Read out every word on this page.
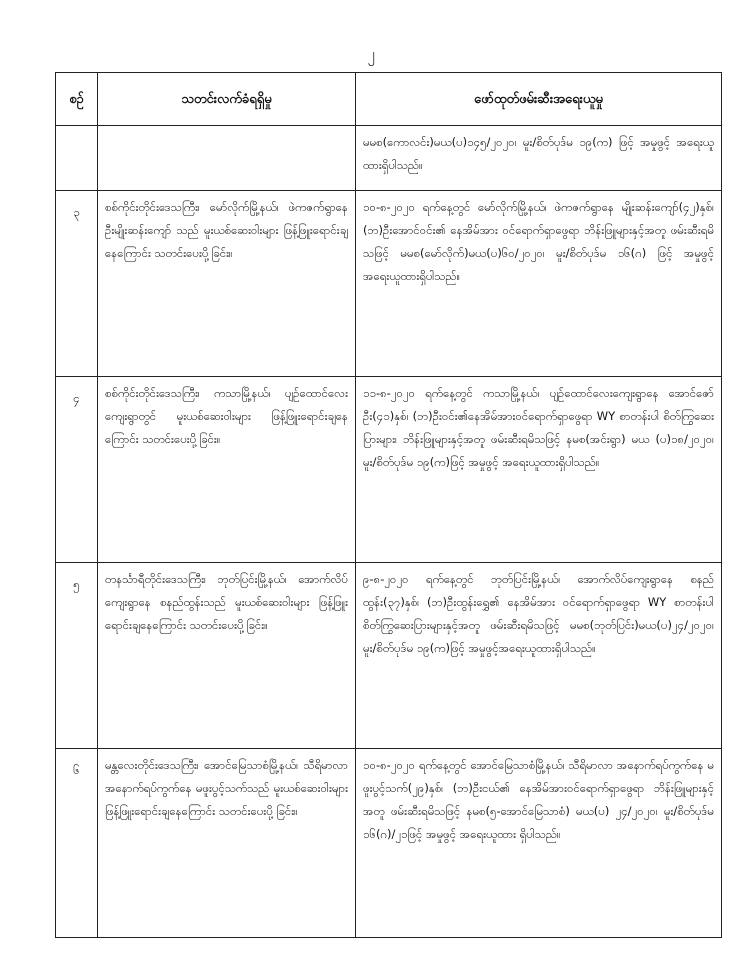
၂
စဉ်	သတင်းလက်ခံရရှိမှု	ဖော်ထုတ်ဖမ်းဆီးအရေးယူမှု
		မမစ(ကောလင်း)မယ(ပ)၁၄၅/၂၀၂၀၊ မူး/စိတ်ပုဒ်မ ၁၉(က) ဖြင့် အမှုဖွင့် အရေးယူထားရှိပါသည်။
၃	စစ်ကိုင်းတိုင်းဒေသကြီး၊ မော်လိုက်မြို့နယ်၊ ဖဲကဇက်ရွာနေ ဦးမျိုးဆန်းကျော် သည် မူးယစ်ဆေးဝါးများ ဖြန့်ဖြူးရောင်းချနေကြောင်း သတင်းပေးပို့ခြင်း။	၁၀-၈-၂၀၂၀ ရက်နေ့တွင် မော်လိုက်မြို့နယ်၊ ဖဲကဇက်ရွာနေ မျိုးဆန်းကျော်(၄၂)နှစ်၊ (ဘ)ဦးအောင်ဝင်း၏ နေအိမ်အား ဝင်ရောက်ရှာဖွေရာ ဘိန်းဖြူများနှင့်အတူ ဖမ်းဆီးရမိသဖြင့် မမစ(မော်လိုက်)မယ(ပ)၆၀/၂၀၂၀၊ မူး/စိတ်ပုဒ်မ ၁၆(ဂ) ဖြင့် အမှုဖွင့် အရေးယူထားရှိပါသည်။
၄	စစ်ကိုင်းတိုင်းဒေသကြီး၊ ကသာမြို့နယ်၊ ပျဉ်ထောင်လေးကျေးရွာတွင် မူးယစ်ဆေးဝါးများ ဖြန့်ဖြူးရောင်းချနေကြောင်း သတင်းပေးပို့ခြင်း။	၁၁-၈-၂၀၂၀ ရက်နေ့တွင် ကသာမြို့နယ်၊ ပျဉ်ထောင်လေးကျေးရွာနေ အောင်ဇော်ဦး(၄၁)နှစ်၊ (ဘ)ဦးဝင်း၏နေအိမ်အားဝင်ရောက်ရှာဖွေရာ WY စာတန်းပါ စိတ်ကြွဆေးပြားများ၊ ဘိန်းဖြူများနှင့်အတူ ဖမ်းဆီးရမိသဖြင့် နမစ(အင်းရွာ) မယ (ပ)၁၈/၂၀၂၀၊ မူး/စိတ်ပုဒ်မ ၁၉(က)ဖြင့် အမှုဖွင့် အရေးယူထားရှိပါသည်။
၅	တနင်္သာရီတိုင်းဒေသကြီး၊ ဘုတ်ပြင်းမြို့နယ်၊ အောက်လိပ်ကျေးရွာနေ စနည်ထွန်းသည် မူးယစ်ဆေးဝါးများ ဖြန့်ဖြူးရောင်းချနေကြောင်း သတင်းပေးပို့ခြင်း။	၉-၈-၂၀၂၀ ရက်နေ့တွင် ဘုတ်ပြင်းမြို့နယ်၊ အောက်လိပ်ကျေးရွာနေ စနည်ထွန်း(၃၇)နှစ်၊ (ဘ)ဦးထွန်းရွှေ၏ နေအိမ်အား ဝင်ရောက်ရှာဖွေရာ WY စာတန်းပါစိတ်ကြွဆေးပြားများနှင့်အတူ ဖမ်းဆီးရမိသဖြင့် မမစ(ဘုတ်ပြင်း)မယ(ပ)၂၄/၂၀၂၀၊ မူး/စိတ်ပုဒ်မ ၁၉(က)ဖြင့် အမှုဖွင့်အရေးယူထားရှိပါသည်။
၆	မန္တလေးတိုင်းဒေသကြီး၊ အောင်မြေသာစံမြို့နယ်၊ သီရိမာလာအနောက်ရပ်ကွက်နေ မဖူးပွင့်သက်သည် မူးယစ်ဆေးဝါးများဖြန့်ဖြူးရောင်းချနေကြောင်း သတင်းပေးပို့ ခြင်း။	၁၀-၈-၂၀၂၀ ရက်နေ့တွင် အောင်မြေသာစံမြို့နယ်၊ သီရိမာလာ အနောက်ရပ်ကွက်နေ မဖူးပွင့်သက်(၂၉)နှစ်၊ (ဘ)ဦးငယ်၏ နေအိမ်အားဝင်ရောက်ရှာဖွေရာ ဘိန်းဖြူများနှင့်အတူ ဖမ်းဆီးရမိသဖြင့် နမစ(၅-အောင်မြေသာစံ) မယ(ပ) ၂၄/၂၀၂၀၊ မူး/စိတ်ပုဒ်မ ၁၆(ဂ)/၂၁ဖြင့် အမှုဖွင့် အရေးယူထား ရှိပါသည်။
